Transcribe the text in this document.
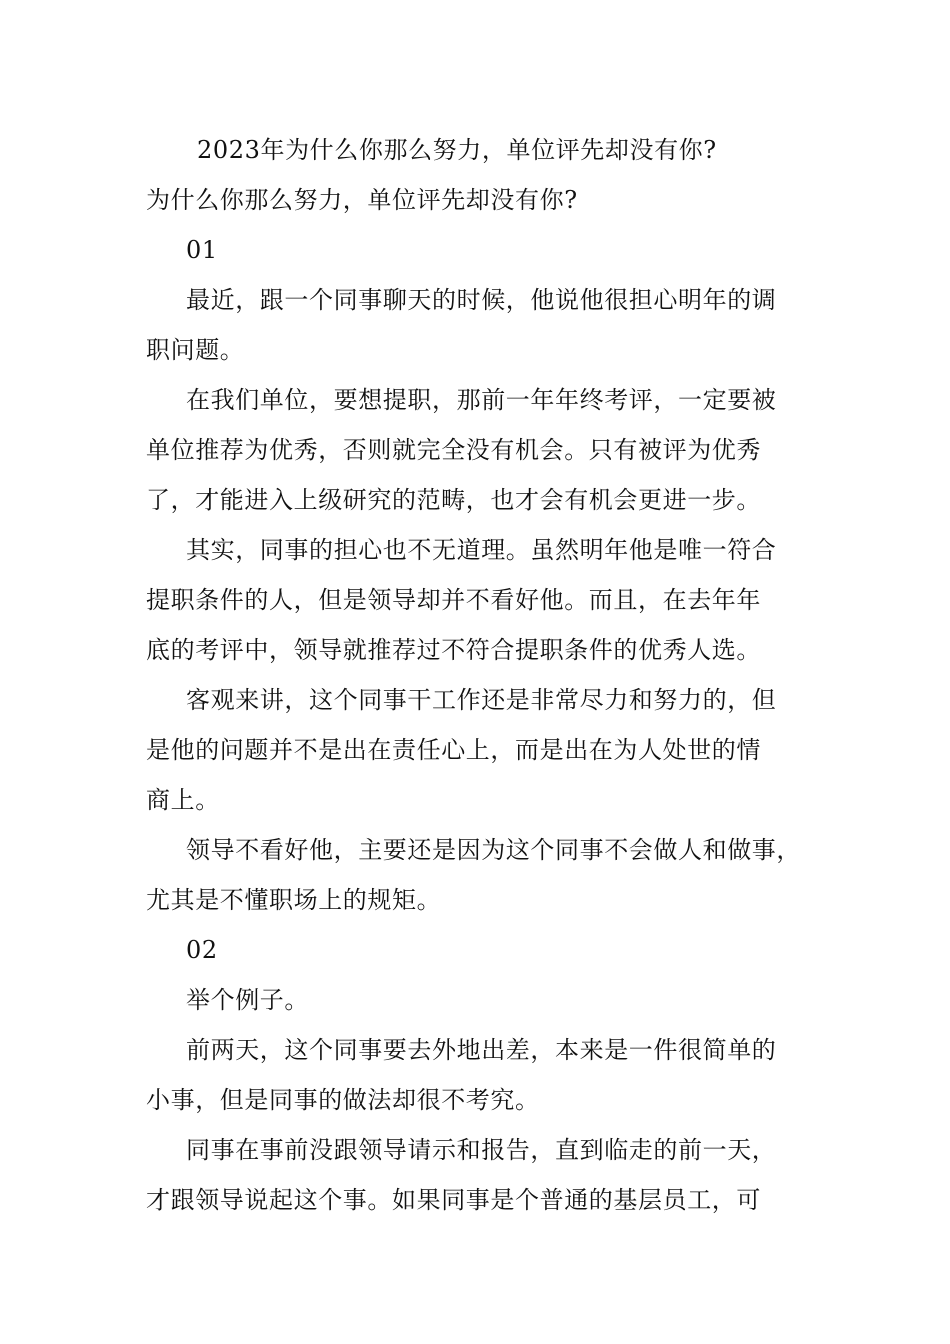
2023年为什么你那么努力，单位评先却没有你?
为什么你那么努力，单位评先却没有你?
01
最近，跟一个同事聊天的时候，他说他很担心明年的调
职问题。
在我们单位，要想提职，那前一年年终考评，一定要被
单位推荐为优秀，否则就完全没有机会。只有被评为优秀
了，才能进入上级研究的范畴，也才会有机会更进一步。
其实，同事的担心也不无道理。虽然明年他是唯一符合
提职条件的人，但是领导却并不看好他。而且，在去年年
底的考评中，领导就推荐过不符合提职条件的优秀人选。
客观来讲，这个同事干工作还是非常尽力和努力的，但
是他的问题并不是出在责任心上，而是出在为人处世的情
商上。
领导不看好他，主要还是因为这个同事不会做人和做事，
尤其是不懂职场上的规矩。
02
举个例子。
前两天，这个同事要去外地出差，本来是一件很简单的
小事，但是同事的做法却很不考究。
同事在事前没跟领导请示和报告，直到临走的前一天，
才跟领导说起这个事。如果同事是个普通的基层员工，可
